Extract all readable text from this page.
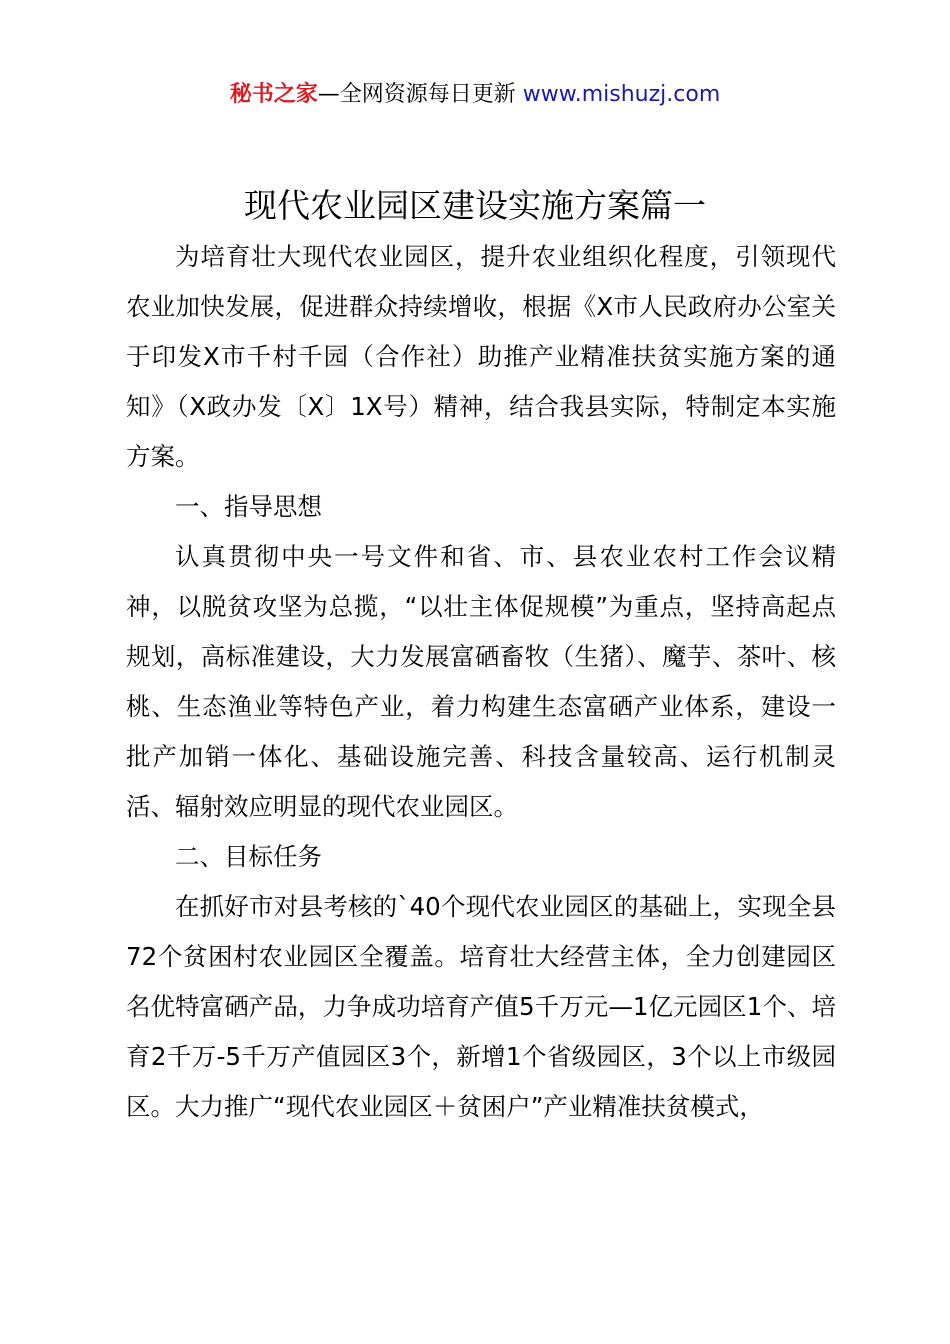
秘书之家—全网资源每日更新 www.mishuzj.com
现代农业园区建设实施方案篇一

为培育壮大现代农业园区，提升农业组织化程度，引领现代农业加快发展，促进群众持续增收，根据《X市人民政府办公室关于印发X市千村千园（合作社）助推产业精准扶贫实施方案的通知》（X政办发〔X〕1X号）精神，结合我县实际，特制定本实施方案。

一、指导思想

认真贯彻中央一号文件和省、市、县农业农村工作会议精神，以脱贫攻坚为总揽，“以壮主体促规模”为重点，坚持高起点规划，高标准建设，大力发展富硒畜牧（生猪）、魔芋、茶叶、核桃、生态渔业等特色产业，着力构建生态富硒产业体系，建设一批产加销一体化、基础设施完善、科技含量较高、运行机制灵活、辐射效应明显的现代农业园区。

二、目标任务

在抓好市对县考核的`40个现代农业园区的基础上，实现全县72个贫困村农业园区全覆盖。培育壮大经营主体，全力创建园区名优特富硒产品，力争成功培育产值5千万元—1亿元园区1个、培育2千万-5千万产值园区3个，新增1个省级园区，3个以上市级园区。大力推广“现代农业园区＋贫困户”产业精准扶贫模式，
